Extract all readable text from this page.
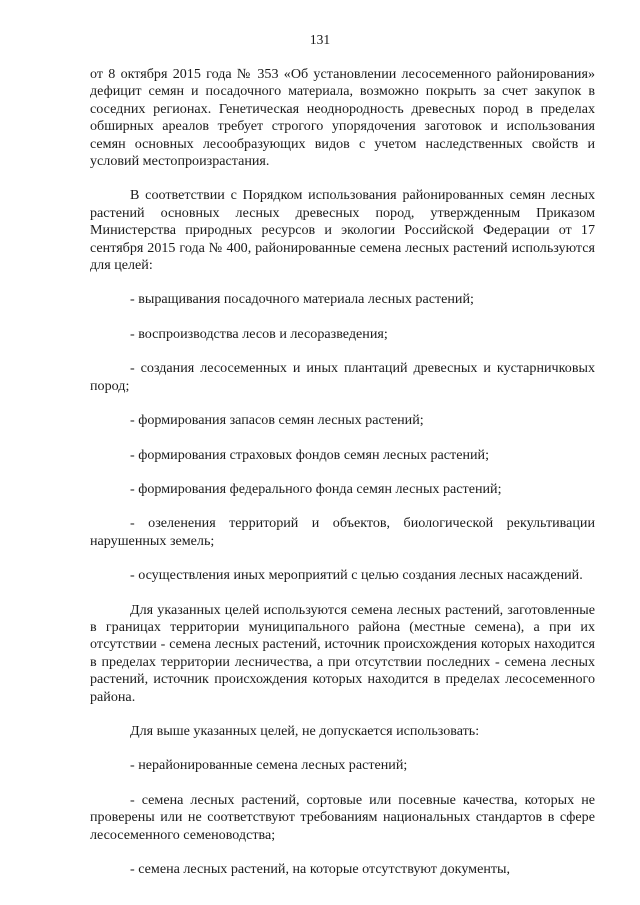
131

от 8 октября 2015 года № 353 «Об установлении лесосеменного районирования» дефицит семян и посадочного материала, возможно покрыть за счет закупок в соседних регионах. Генетическая неоднородность древесных пород в пределах обширных ареалов требует строгого упорядочения заготовок и использования семян основных лесообразующих видов с учетом наследственных свойств и условий местопроизрастания.

В соответствии с Порядком использования районированных семян лесных растений основных лесных древесных пород, утвержденным Приказом Министерства природных ресурсов и экологии Российской Федерации от 17 сентября 2015 года № 400, районированные семена лесных растений используются для целей:

- выращивания посадочного материала лесных растений;

- воспроизводства лесов и лесоразведения;

- создания лесосеменных и иных плантаций древесных и кустарничковых пород;

- формирования запасов семян лесных растений;

- формирования страховых фондов семян лесных растений;

- формирования федерального фонда семян лесных растений;

- озеленения территорий и объектов, биологической рекультивации нарушенных земель;

- осуществления иных мероприятий с целью создания лесных насаждений.

Для указанных целей используются семена лесных растений, заготовленные в границах территории муниципального района (местные семена), а при их отсутствии - семена лесных растений, источник происхождения которых находится в пределах территории лесничества, а при отсутствии последних - семена лесных растений, источник происхождения которых находится в пределах лесосеменного района.

Для выше указанных целей, не допускается использовать:

- нерайонированные семена лесных растений;

- семена лесных растений, сортовые или посевные качества, которых не проверены или не соответствуют требованиям национальных стандартов в сфере лесосеменного семеноводства;

- семена лесных растений, на которые отсутствуют документы,
